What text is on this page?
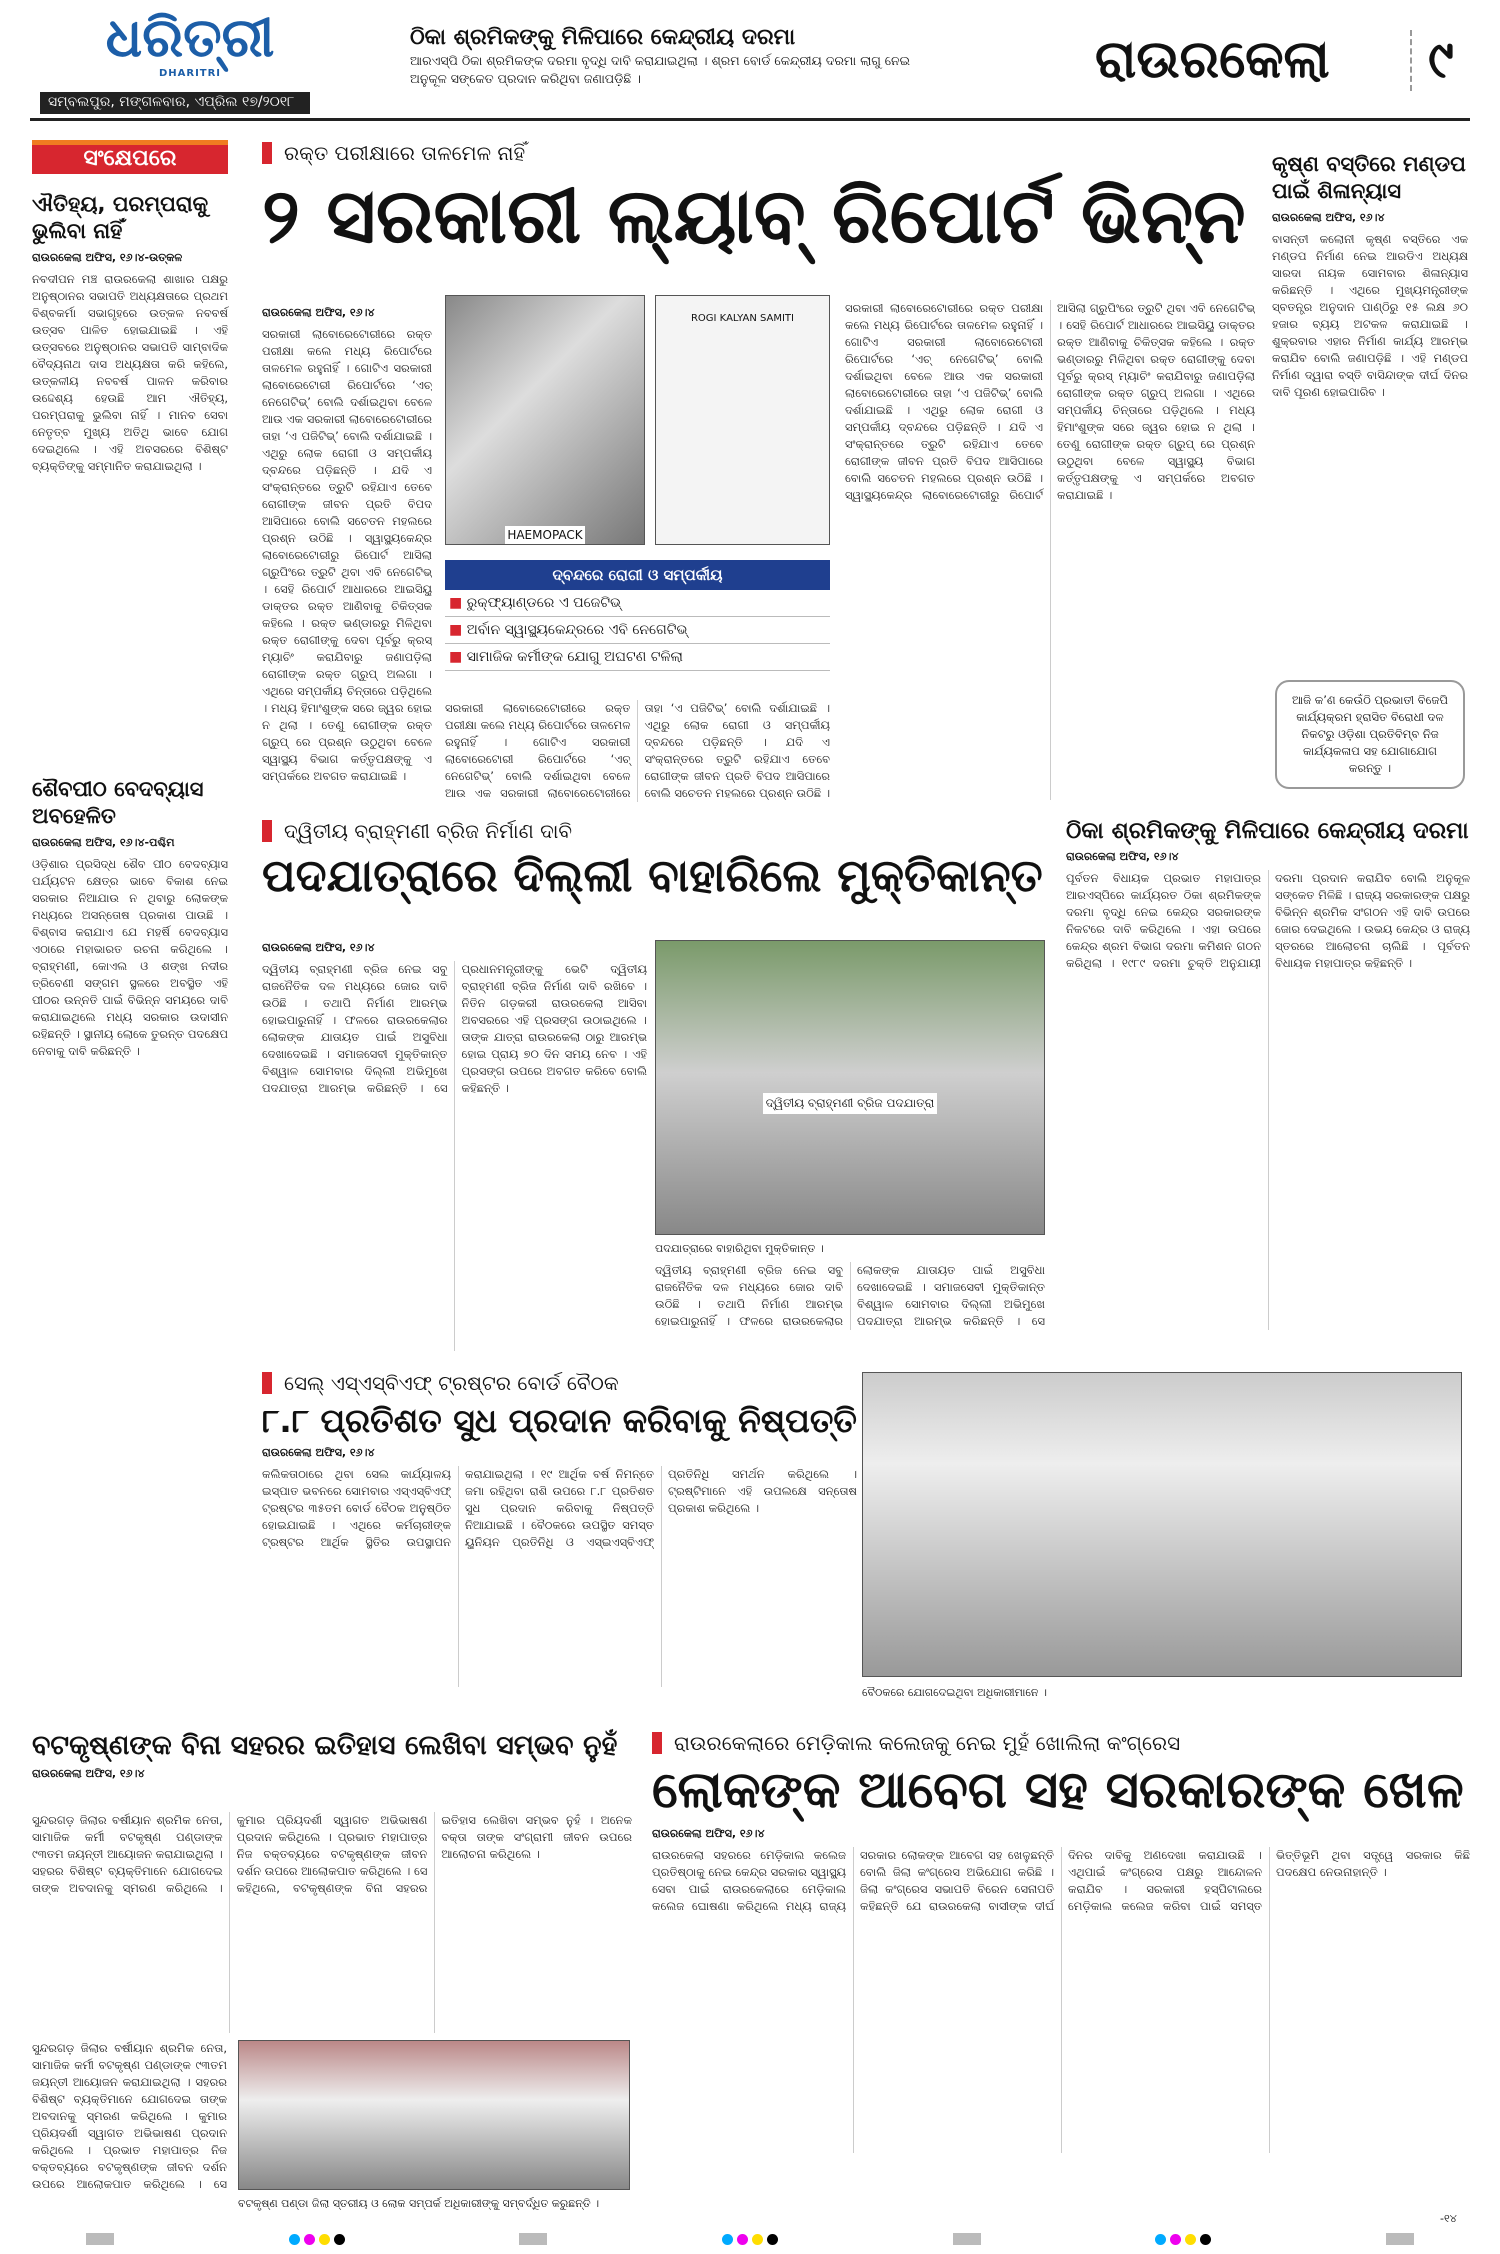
ଧରିତ୍ରୀ
DHARITRI
ସମ୍ବଲପୁର, ମଙ୍ଗଳବାର, ଏପ୍ରିଲ ୧୭/୨୦୧୮
ଠିକା ଶ୍ରମିକଙ୍କୁ ମିଳିପାରେ କେନ୍ଦ୍ରୀୟ ଦରମା

ଆରଏସ୍‌ପି ଠିକା ଶ୍ରମିକଙ୍କ ଦରମା ବୃଦ୍ଧି ଦାବି କରାଯାଇଥିଲା । ଶ୍ରମ ବୋର୍ଡ କେନ୍ଦ୍ରୀୟ ଦରମା ଲାଗୁ ନେଇ ଅନୁକୂଳ ସଙ୍କେତ ପ୍ରଦାନ କରିଥିବା ଜଣାପଡ଼ିଛି ।	ରାଉରକେଲା	୯
ସଂକ୍ଷେପରେ
ଐତିହ୍ୟ, ପରମ୍ପରାକୁ ଭୁଲିବା ନାହିଁ
ରାଉରକେଲା ଅଫିସ, ୧୬।୪-ଉତ୍କଳ

ନବଦୀପନ ମଞ୍ଚ ରାଉରକେଲା ଶାଖାର ପକ୍ଷରୁ ଅନୁଷ୍ଠାନର ସଭାପତି ଅଧ୍ୟକ୍ଷତାରେ ପ୍ରଥମ ବିଶ୍ବକର୍ମା ସଭାଗୃହରେ ଉତ୍କଳ ନବବର୍ଷ ଉତ୍ସବ ପାଳିତ ହୋଇଯାଇଛି । ଏହି ଉତ୍ସବରେ ଅନୁଷ୍ଠାନର ସଭାପତି ସାମ୍ବାଦିକ ବୈଦ୍ୟନାଥ ଦାସ ଅଧ୍ୟକ୍ଷତା କରି କହିଲେ, ଉତ୍କଳୀୟ ନବବର୍ଷ ପାଳନ କରିବାର ଉଦ୍ଦେଶ୍ୟ ହେଉଛି ଆମ ଐତିହ୍ୟ, ପରମ୍ପରାକୁ ଭୁଲିବା ନାହିଁ । ମାନବ ସେବା ନେତୃତ୍ବ ମୁଖ୍ୟ ଅତିଥି ଭାବେ ଯୋଗ ଦେଇଥିଲେ । ଏହି ଅବସରରେ ବିଶିଷ୍ଟ ବ୍ୟକ୍ତିଙ୍କୁ ସମ୍ମାନିତ କରାଯାଇଥିଲା ।

ଶୈବପୀଠ ବେଦବ୍ୟାସ ଅବହେଳିତ
ରାଉରକେଲା ଅଫିସ, ୧୬।୪-ପଶ୍ଚିମ

ଓଡ଼ିଶାର ପ୍ରସିଦ୍ଧ ଶୈବ ପୀଠ ବେଦବ୍ୟାସ ପର୍ଯ୍ୟଟନ କ୍ଷେତ୍ର ଭାବେ ବିକାଶ ନେଇ ସରକାର ନିଆଯାଉ ନ ଥିବାରୁ ଲୋକଙ୍କ ମଧ୍ୟରେ ଅସନ୍ତୋଷ ପ୍ରକାଶ ପାଉଛି । ବିଶ୍ବାସ କରାଯାଏ ଯେ ମହର୍ଷି ବେଦବ୍ୟାସ ଏଠାରେ ମହାଭାରତ ରଚନା କରିଥିଲେ । ବ୍ରାହ୍ମଣୀ, କୋଏଲ ଓ ଶଙ୍ଖ ନଦୀର ତ୍ରିବେଣୀ ସଙ୍ଗମ ସ୍ଥଳରେ ଅବସ୍ଥିତ ଏହି ପୀଠର ଉନ୍ନତି ପାଇଁ ବିଭିନ୍ନ ସମୟରେ ଦାବି କରାଯାଇଥିଲେ ମଧ୍ୟ ସରକାର ଉଦାସୀନ ରହିଛନ୍ତି । ସ୍ଥାନୀୟ ଲୋକେ ତୁରନ୍ତ ପଦକ୍ଷେପ ନେବାକୁ ଦାବି କରିଛନ୍ତି ।

ରକ୍ତ ପରୀକ୍ଷାରେ ତାଳମେଳ ନାହିଁ
୨ ସରକାରୀ ଲ୍ୟାବ୍ ରିପୋର୍ଟ ଭିନ୍ନ
ରାଉରକେଲା ଅଫିସ, ୧୬।୪

ସରକାରୀ ଲାବୋରେଟୋରୀରେ ରକ୍ତ ପରୀକ୍ଷା କଲେ ମଧ୍ୟ ରିପୋର୍ଟରେ ତାଳମେଳ ରହୁନାହିଁ । ଗୋଟିଏ ସରକାରୀ ଲାବୋରେଟୋରୀ ରିପୋର୍ଟରେ ‘ଏଚ୍ ନେଗେଟିଭ୍’ ବୋଲି ଦର୍ଶାଇଥିବା ବେଳେ ଆଉ ଏକ ସରକାରୀ ଲାବୋରେଟୋରୀରେ ତାହା ‘ଏ ପଜିଟିଭ୍’ ବୋଲି ଦର୍ଶାଯାଇଛି । ଏଥିରୁ ଲୋକ ରୋଗୀ ଓ ସମ୍ପର୍କୀୟ ଦ୍ବନ୍ଦରେ ପଡ଼ିଛନ୍ତି । ଯଦି ଏ ସଂକ୍ରାନ୍ତରେ ତ୍ରୁଟି ରହିଯାଏ ତେବେ ରୋଗୀଙ୍କ ଜୀବନ ପ୍ରତି ବିପଦ ଆସିପାରେ ବୋଲି ସଚେତନ ମହଲରେ ପ୍ରଶ୍ନ ଉଠିଛି । ସ୍ୱାସ୍ଥ୍ୟକେନ୍ଦ୍ର ଲାବୋରେଟୋରୀରୁ ରିପୋର୍ଟ ଆସିଲା ଗ୍ରୁପିଂରେ ତ୍ରୁଟି ଥିବା ଏବି ନେଗେଟିଭ୍ । ସେହି ରିପୋର୍ଟ ଆଧାରରେ ଆଇସିୟୁ ଡାକ୍ତର ରକ୍ତ ଆଣିବାକୁ ଚିକିତ୍ସକ କହିଲେ । ରକ୍ତ ଭଣ୍ଡାରରୁ ମିଳିଥିବା ରକ୍ତ ରୋଗୀଙ୍କୁ ଦେବା ପୂର୍ବରୁ କ୍ରସ୍ ମ୍ୟାଚିଂ କରାଯିବାରୁ ଜଣାପଡ଼ିଲା ରୋଗୀଙ୍କ ରକ୍ତ ଗ୍ରୁପ୍ ଅଲଗା । ଏଥିରେ ସମ୍ପର୍କୀୟ ଚିନ୍ତାରେ ପଡ଼ିଥିଲେ । ମଧ୍ୟ ହିମାଂଶୁଙ୍କ ସରେ ଜ୍ୱର ହୋଇ ନ ଥିଲା । ତେଣୁ ରୋଗୀଙ୍କ ରକ୍ତ ଗ୍ରୁପ୍ ରେ ପ୍ରଶ୍ନ ଉଠୁଥିବା ବେଳେ ସ୍ୱାସ୍ଥ୍ୟ ବିଭାଗ କର୍ତ୍ତୃପକ୍ଷଙ୍କୁ ଏ ସମ୍ପର୍କରେ ଅବଗତ କରାଯାଇଛି ।

HAEMOPACK
ROGI KALYAN SAMITI
ଦ୍ବନ୍ଦରେ ରୋଗୀ ଓ ସମ୍ପର୍କୀୟ
■ ରୁକ୍‌ଫ୍ୟାଣ୍ଡରେ ଏ ପଜେଟିଭ୍
■ ଅର୍ବାନ ସ୍ୱାସ୍ଥ୍ୟକେନ୍ଦ୍ରରେ ଏବି ନେଗେଟିଭ୍
■ ସାମାଜିକ କର୍ମୀଙ୍କ ଯୋଗୁ ଅଘଟଣ ଟଳିଲା
ସରକାରୀ ଲାବୋରେଟୋରୀରେ ରକ୍ତ ପରୀକ୍ଷା କଲେ ମଧ୍ୟ ରିପୋର୍ଟରେ ତାଳମେଳ ରହୁନାହିଁ । ଗୋଟିଏ ସରକାରୀ ଲାବୋରେଟୋରୀ ରିପୋର୍ଟରେ ‘ଏଚ୍ ନେଗେଟିଭ୍’ ବୋଲି ଦର୍ଶାଇଥିବା ବେଳେ ଆଉ ଏକ ସରକାରୀ ଲାବୋରେଟୋରୀରେ ତାହା ‘ଏ ପଜିଟିଭ୍’ ବୋଲି ଦର୍ଶାଯାଇଛି । ଏଥିରୁ ଲୋକ ରୋଗୀ ଓ ସମ୍ପର୍କୀୟ ଦ୍ବନ୍ଦରେ ପଡ଼ିଛନ୍ତି । ଯଦି ଏ ସଂକ୍ରାନ୍ତରେ ତ୍ରୁଟି ରହିଯାଏ ତେବେ ରୋଗୀଙ୍କ ଜୀବନ ପ୍ରତି ବିପଦ ଆସିପାରେ ବୋଲି ସଚେତନ ମହଲରେ ପ୍ରଶ୍ନ ଉଠିଛି ।
ସରକାରୀ ଲାବୋରେଟୋରୀରେ ରକ୍ତ ପରୀକ୍ଷା କଲେ ମଧ୍ୟ ରିପୋର୍ଟରେ ତାଳମେଳ ରହୁନାହିଁ । ଗୋଟିଏ ସରକାରୀ ଲାବୋରେଟୋରୀ ରିପୋର୍ଟରେ ‘ଏଚ୍ ନେଗେଟିଭ୍’ ବୋଲି ଦର୍ଶାଇଥିବା ବେଳେ ଆଉ ଏକ ସରକାରୀ ଲାବୋରେଟୋରୀରେ ତାହା ‘ଏ ପଜିଟିଭ୍’ ବୋଲି ଦର୍ଶାଯାଇଛି । ଏଥିରୁ ଲୋକ ରୋଗୀ ଓ ସମ୍ପର୍କୀୟ ଦ୍ବନ୍ଦରେ ପଡ଼ିଛନ୍ତି । ଯଦି ଏ ସଂକ୍ରାନ୍ତରେ ତ୍ରୁଟି ରହିଯାଏ ତେବେ ରୋଗୀଙ୍କ ଜୀବନ ପ୍ରତି ବିପଦ ଆସିପାରେ ବୋଲି ସଚେତନ ମହଲରେ ପ୍ରଶ୍ନ ଉଠିଛି । ସ୍ୱାସ୍ଥ୍ୟକେନ୍ଦ୍ର ଲାବୋରେଟୋରୀରୁ ରିପୋର୍ଟ ଆସିଲା ଗ୍ରୁପିଂରେ ତ୍ରୁଟି ଥିବା ଏବି ନେଗେଟିଭ୍ । ସେହି ରିପୋର୍ଟ ଆଧାରରେ ଆଇସିୟୁ ଡାକ୍ତର ରକ୍ତ ଆଣିବାକୁ ଚିକିତ୍ସକ କହିଲେ । ରକ୍ତ ଭଣ୍ଡାରରୁ ମିଳିଥିବା ରକ୍ତ ରୋଗୀଙ୍କୁ ଦେବା ପୂର୍ବରୁ କ୍ରସ୍ ମ୍ୟାଚିଂ କରାଯିବାରୁ ଜଣାପଡ଼ିଲା ରୋଗୀଙ୍କ ରକ୍ତ ଗ୍ରୁପ୍ ଅଲଗା । ଏଥିରେ ସମ୍ପର୍କୀୟ ଚିନ୍ତାରେ ପଡ଼ିଥିଲେ । ମଧ୍ୟ ହିମାଂଶୁଙ୍କ ସରେ ଜ୍ୱର ହୋଇ ନ ଥିଲା । ତେଣୁ ରୋଗୀଙ୍କ ରକ୍ତ ଗ୍ରୁପ୍ ରେ ପ୍ରଶ୍ନ ଉଠୁଥିବା ବେଳେ ସ୍ୱାସ୍ଥ୍ୟ ବିଭାଗ କର୍ତ୍ତୃପକ୍ଷଙ୍କୁ ଏ ସମ୍ପର୍କରେ ଅବଗତ କରାଯାଇଛି ।
କୃଷ୍ଣ ବସ୍ତିରେ ମଣ୍ଡପ ପାଇଁ ଶିଳାନ୍ୟାସ
ରାଉରକେଲା ଅଫିସ, ୧୬।୪

ବାସନ୍ତୀ କଲୋନୀ କୃଷ୍ଣ ବସ୍ତିରେ ଏକ ମଣ୍ଡପ ନିର୍ମାଣ ନେଇ ଆରଡିଏ ଅଧ୍ୟକ୍ଷ ସାରଦା ନାୟକ ସୋମବାର ଶିଳାନ୍ୟାସ କରିଛନ୍ତି । ଏଥିରେ ମୁଖ୍ୟମନ୍ତ୍ରୀଙ୍କ ସ୍ବତନ୍ତ୍ର ଅନୁଦାନ ପାଣ୍ଠିରୁ ୧୫ ଲକ୍ଷ ୬୦ ହଜାର ବ୍ୟୟ ଅଟକଳ କରାଯାଇଛି । ଶୁକ୍ରବାର ଏହାର ନିର୍ମାଣ କାର୍ଯ୍ୟ ଆରମ୍ଭ କରାଯିବ ବୋଲି ଜଣାପଡ଼ିଛି । ଏହି ମଣ୍ଡପ ନିର୍ମାଣ ଦ୍ୱାରା ବସ୍ତି ବାସିନ୍ଦାଙ୍କ ଦୀର୍ଘ ଦିନର ଦାବି ପୂରଣ ହୋଇପାରିବ ।

ଆଜି କ’ଣ କେଉଁଠି ପ୍ରଭାତୀ ବିଜେପି କାର୍ଯ୍ୟକ୍ରମ ହ୍ରାସିତ ବିରୋଧୀ ଦଳ ନିକଟରୁ ଓଡ଼ିଶା ପ୍ରତିବିମ୍ବ ନିଜ କାର୍ଯ୍ୟକଳାପ ସହ ଯୋଗାଯୋଗ କରନ୍ତୁ ।
ଦ୍ୱିତୀୟ ବ୍ରାହ୍ମଣୀ ବ୍ରିଜ ନିର୍ମାଣ ଦାବି
ପଦଯାତ୍ରାରେ ଦିଲ୍ଲୀ ବାହାରିଲେ ମୁକ୍ତିକାନ୍ତ
ରାଉରକେଲା ଅଫିସ, ୧୬।୪

ଦ୍ୱିତୀୟ ବ୍ରାହ୍ମଣୀ ବ୍ରିଜ ନେଇ ସବୁ ରାଜନୈତିକ ଦଳ ମଧ୍ୟରେ ଜୋର ଦାବି ଉଠିଛି । ତଥାପି ନିର୍ମାଣ ଆରମ୍ଭ ହୋଇପାରୁନାହିଁ । ଫଳରେ ରାଉରକେଲାର ଲୋକଙ୍କ ଯାତାୟତ ପାଇଁ ଅସୁବିଧା ଦେଖାଦେଇଛି । ସମାଜସେବୀ ମୁକ୍ତିକାନ୍ତ ବିଶ୍ୱାଳ ସୋମବାର ଦିଲ୍ଲୀ ଅଭିମୁଖେ ପଦଯାତ୍ରା ଆରମ୍ଭ କରିଛନ୍ତି । ସେ ପ୍ରଧାନମନ୍ତ୍ରୀଙ୍କୁ ଭେଟି ଦ୍ୱିତୀୟ ବ୍ରାହ୍ମଣୀ ବ୍ରିଜ ନିର୍ମାଣ ଦାବି ରଖିବେ । ନିତିନ ଗଡ଼କରୀ ରାଉରକେଲା ଆସିବା ଅବସରରେ ଏହି ପ୍ରସଙ୍ଗ ଉଠାଇଥିଲେ । ତାଙ୍କ ଯାତ୍ରା ରାଉରକେଲା ଠାରୁ ଆରମ୍ଭ ହୋଇ ପ୍ରାୟ ୭୦ ଦିନ ସମୟ ନେବ । ଏହି ପ୍ରସଙ୍ଗ ଉପରେ ଅବଗତ କରିବେ ବୋଲି କହିଛନ୍ତି ।

ଦ୍ୱିତୀୟ ବ୍ରାହ୍ମଣୀ ବ୍ରିଜ ପଦଯାତ୍ରା
ପଦଯାତ୍ରାରେ ବାହାରିଥିବା ମୁକ୍ତିକାନ୍ତ ।
ଦ୍ୱିତୀୟ ବ୍ରାହ୍ମଣୀ ବ୍ରିଜ ନେଇ ସବୁ ରାଜନୈତିକ ଦଳ ମଧ୍ୟରେ ଜୋର ଦାବି ଉଠିଛି । ତଥାପି ନିର୍ମାଣ ଆରମ୍ଭ ହୋଇପାରୁନାହିଁ । ଫଳରେ ରାଉରକେଲାର ଲୋକଙ୍କ ଯାତାୟତ ପାଇଁ ଅସୁବିଧା ଦେଖାଦେଇଛି । ସମାଜସେବୀ ମୁକ୍ତିକାନ୍ତ ବିଶ୍ୱାଳ ସୋମବାର ଦିଲ୍ଲୀ ଅଭିମୁଖେ ପଦଯାତ୍ରା ଆରମ୍ଭ କରିଛନ୍ତି । ସେ
ଠିକା ଶ୍ରମିକଙ୍କୁ ମିଳିପାରେ କେନ୍ଦ୍ରୀୟ ଦରମା
ରାଉରକେଲା ଅଫିସ, ୧୬।୪

ପୂର୍ବତନ ବିଧାୟକ ପ୍ରଭାତ ମହାପାତ୍ର ଆରଏସ୍‌ପିରେ କାର୍ଯ୍ୟରତ ଠିକା ଶ୍ରମିକଙ୍କ ଦରମା ବୃଦ୍ଧି ନେଇ କେନ୍ଦ୍ର ସରକାରଙ୍କ ନିକଟରେ ଦାବି କରିଥିଲେ । ଏହା ଉପରେ କେନ୍ଦ୍ର ଶ୍ରମ ବିଭାଗ ଦରମା କମିଶନ ଗଠନ କରିଥିଲା । ୧୯୮୯ ଦରମା ଚୁକ୍ତି ଅନୁଯାୟୀ ଦରମା ପ୍ରଦାନ କରାଯିବ ବୋଲି ଅନୁକୂଳ ସଙ୍କେତ ମିଳିଛି । ରାଜ୍ୟ ସରକାରଙ୍କ ପକ୍ଷରୁ ବିଭିନ୍ନ ଶ୍ରମିକ ସଂଗଠନ ଏହି ଦାବି ଉପରେ ଜୋର ଦେଇଥିଲେ । ଉଭୟ କେନ୍ଦ୍ର ଓ ରାଜ୍ୟ ସ୍ତରରେ ଆଲୋଚନା ଚାଲିଛି । ପୂର୍ବତନ ବିଧାୟକ ମହାପାତ୍ର କହିଛନ୍ତି ।

ସେଲ୍ ଏସ୍‌ଏସ୍‌ବିଏଫ୍ ଟ୍ରଷ୍ଟର ବୋର୍ଡ ବୈଠକ
୮.୮ ପ୍ରତିଶତ ସୁଧ ପ୍ରଦାନ କରିବାକୁ ନିଷ୍ପତ୍ତି
ରାଉରକେଲା ଅଫିସ, ୧୬।୪

କଲିକତାଠାରେ ଥିବା ସେଲ କାର୍ଯ୍ୟାଳୟ ଇସ୍ପାତ ଭବନରେ ସୋମବାର ଏସ୍‌ଏସ୍‌ବିଏଫ୍ ଟ୍ରଷ୍ଟର ୩୫ତମ ବୋର୍ଡ ବୈଠକ ଅନୁଷ୍ଠିତ ହୋଇଯାଇଛି । ଏଥିରେ କର୍ମଚାରୀଙ୍କ ଟ୍ରଷ୍ଟର ଆର୍ଥିକ ସ୍ଥିତିର ଉପସ୍ଥାପନ କରାଯାଇଥିଲା । ୧୯ ଆର୍ଥିକ ବର୍ଷ ନିମନ୍ତେ ଜମା ରହିଥିବା ରାଶି ଉପରେ ୮.୮ ପ୍ରତିଶତ ସୁଧ ପ୍ରଦାନ କରିବାକୁ ନିଷ୍ପତ୍ତି ନିଆଯାଇଛି । ବୈଠକରେ ଉପସ୍ଥିତ ସମସ୍ତ ୟୁନିୟନ ପ୍ରତିନିଧି ଓ ଏସ୍‌ଇଏସ୍‌ବିଏଫ୍ ପ୍ରତିନିଧି ସମର୍ଥନ କରିଥିଲେ । ଟ୍ରଷ୍ଟିମାନେ ଏହି ଉପଲକ୍ଷେ ସନ୍ତୋଷ ପ୍ରକାଶ କରିଥିଲେ ।

ବୈଠକରେ ଯୋଗଦେଇଥିବା ଅଧିକାରୀମାନେ ।
ବଟକୃଷ୍ଣଙ୍କ ବିନା ସହରର ଇତିହାସ ଲେଖିବା ସମ୍ଭବ ନୁହଁ
ରାଉରକେଲା ଅଫିସ, ୧୬।୪
ସୁନ୍ଦରଗଡ଼ ଜିଲାର ବର୍ଷୀୟାନ ଶ୍ରମିକ ନେତା, ସାମାଜିକ କର୍ମୀ ବଟକୃଷ୍ଣ ପଣ୍ଡାଙ୍କ ୯୩ତମ ଜୟନ୍ତୀ ଆୟୋଜନ କରାଯାଇଥିଲା । ସହରର ବିଶିଷ୍ଟ ବ୍ୟକ୍ତିମାନେ ଯୋଗଦେଇ ତାଙ୍କ ଅବଦାନକୁ ସ୍ମରଣ କରିଥିଲେ । କୁମାର ପ୍ରିୟଦର୍ଶୀ ସ୍ୱାଗତ ଅଭିଭାଷଣ ପ୍ରଦାନ କରିଥିଲେ । ପ୍ରଭାତ ମହାପାତ୍ର ନିଜ ବକ୍ତବ୍ୟରେ ବଟକୃଷ୍ଣଙ୍କ ଜୀବନ ଦର୍ଶନ ଉପରେ ଆଲୋକପାତ କରିଥିଲେ । ସେ କହିଥିଲେ, ବଟକୃଷ୍ଣଙ୍କ ବିନା ସହରର ଇତିହାସ ଲେଖିବା ସମ୍ଭବ ନୁହଁ । ଅନେକ ବକ୍ତା ତାଙ୍କ ସଂଗ୍ରାମୀ ଜୀବନ ଉପରେ ଆଲୋଚନା କରିଥିଲେ ।
ସୁନ୍ଦରଗଡ଼ ଜିଲାର ବର୍ଷୀୟାନ ଶ୍ରମିକ ନେତା, ସାମାଜିକ କର୍ମୀ ବଟକୃଷ୍ଣ ପଣ୍ଡାଙ୍କ ୯୩ତମ ଜୟନ୍ତୀ ଆୟୋଜନ କରାଯାଇଥିଲା । ସହରର ବିଶିଷ୍ଟ ବ୍ୟକ୍ତିମାନେ ଯୋଗଦେଇ ତାଙ୍କ ଅବଦାନକୁ ସ୍ମରଣ କରିଥିଲେ । କୁମାର ପ୍ରିୟଦର୍ଶୀ ସ୍ୱାଗତ ଅଭିଭାଷଣ ପ୍ରଦାନ କରିଥିଲେ । ପ୍ରଭାତ ମହାପାତ୍ର ନିଜ ବକ୍ତବ୍ୟରେ ବଟକୃଷ୍ଣଙ୍କ ଜୀବନ ଦର୍ଶନ ଉପରେ ଆଲୋକପାତ କରିଥିଲେ । ସେ
ବଟକୃଷ୍ଣ ପଣ୍ଡା ଜିଲା ସ୍ତରୀୟ ଓ ଲୋକ ସମ୍ପର୍କ ଅଧିକାରୀଙ୍କୁ ସମ୍ବର୍ଦ୍ଧିତ କରୁଛନ୍ତି ।
ରାଉରକେଲାରେ ମେଡ଼ିକାଲ କଲେଜକୁ ନେଇ ମୁହଁ ଖୋଲିଲା କଂଗ୍ରେସ
ଲୋକଙ୍କ ଆବେଗ ସହ ସରକାରଙ୍କ ଖେଳ
ରାଉରକେଲା ଅଫିସ, ୧୬।୪

ରାଉରକେଲା ସହରରେ ମେଡ଼ିକାଲ କଲେଜ ପ୍ରତିଷ୍ଠାକୁ ନେଇ କେନ୍ଦ୍ର ସରକାର ସ୍ୱାସ୍ଥ୍ୟ ସେବା ପାଇଁ ରାଉରକେଲାରେ ମେଡ଼ିକାଲ କଲେଜ ଘୋଷଣା କରିଥିଲେ ମଧ୍ୟ ରାଜ୍ୟ ସରକାର ଲୋକଙ୍କ ଆବେଗ ସହ ଖେଳୁଛନ୍ତି ବୋଲି ଜିଲା କଂଗ୍ରେସ ଅଭିଯୋଗ କରିଛି । ଜିଲା କଂଗ୍ରେସ ସଭାପତି ବିରେନ ସେନାପତି କହିଛନ୍ତି ଯେ ରାଉରକେଲା ବାସୀଙ୍କ ଦୀର୍ଘ ଦିନର ଦାବିକୁ ଅଣଦେଖା କରାଯାଉଛି । ଏଥିପାଇଁ କଂଗ୍ରେସ ପକ୍ଷରୁ ଆନ୍ଦୋଳନ କରାଯିବ । ସରକାରୀ ହସ୍ପିଟାଲରେ ମେଡ଼ିକାଲ କଲେଜ କରିବା ପାଇଁ ସମସ୍ତ ଭିତ୍ତିଭୂମି ଥିବା ସତ୍ତ୍ୱେ ସରକାର କିଛି ପଦକ୍ଷେପ ନେଉନାହାନ୍ତି ।

-୧୪
